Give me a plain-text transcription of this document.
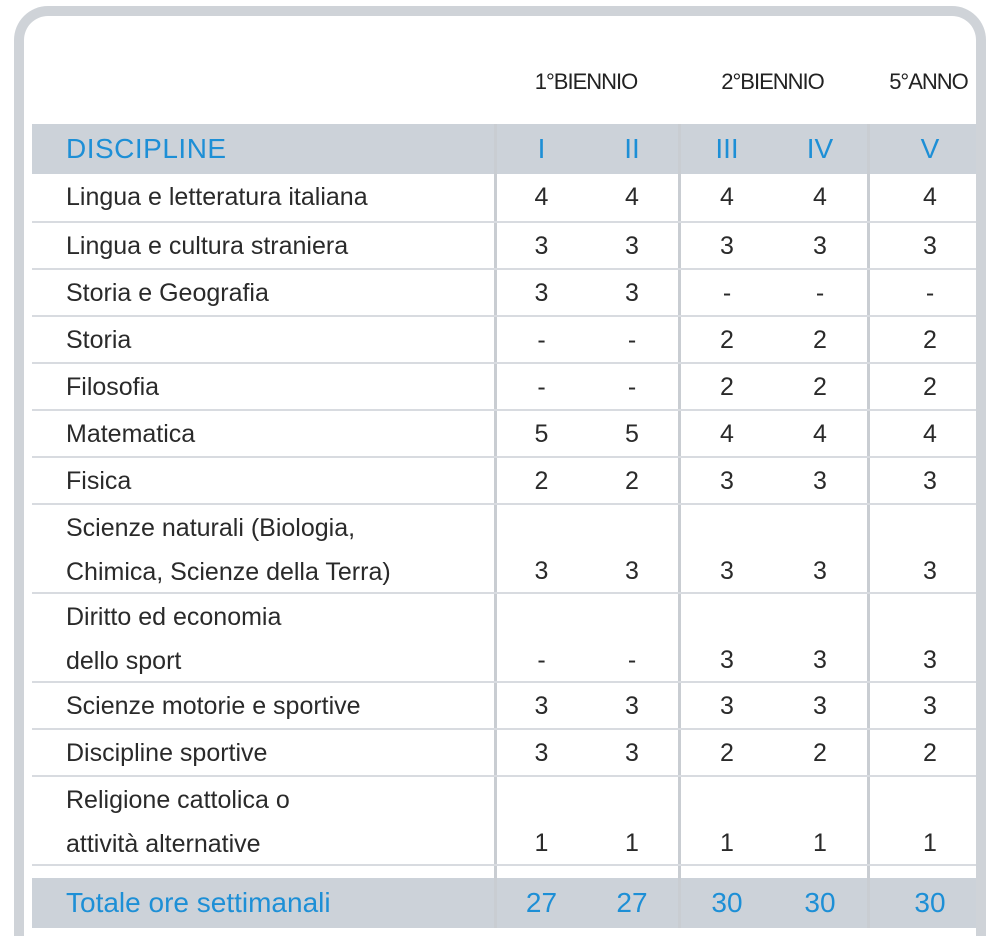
1°BIENNIO	2°BIENNIO	5°ANNO
DISCIPLINE	I	II	III	IV	V
Lingua e letteratura italiana	4	4	4	4	4
Lingua e cultura straniera	3	3	3	3	3
Storia e Geografia	3	3	-	-	-
Storia	-	-	2	2	2
Filosofia	-	-	2	2	2
Matematica	5	5	4	4	4
Fisica	2	2	3	3	3
Scienze naturali (Biologia,
Chimica, Scienze della Terra)	3	3	3	3	3
Diritto ed economia
dello sport	-	-	3	3	3
Scienze motorie e sportive	3	3	3	3	3
Discipline sportive	3	3	2	2	2
Religione cattolica o
attività alternative	1	1	1	1	1
Totale ore settimanali	27	27	30	30	30
